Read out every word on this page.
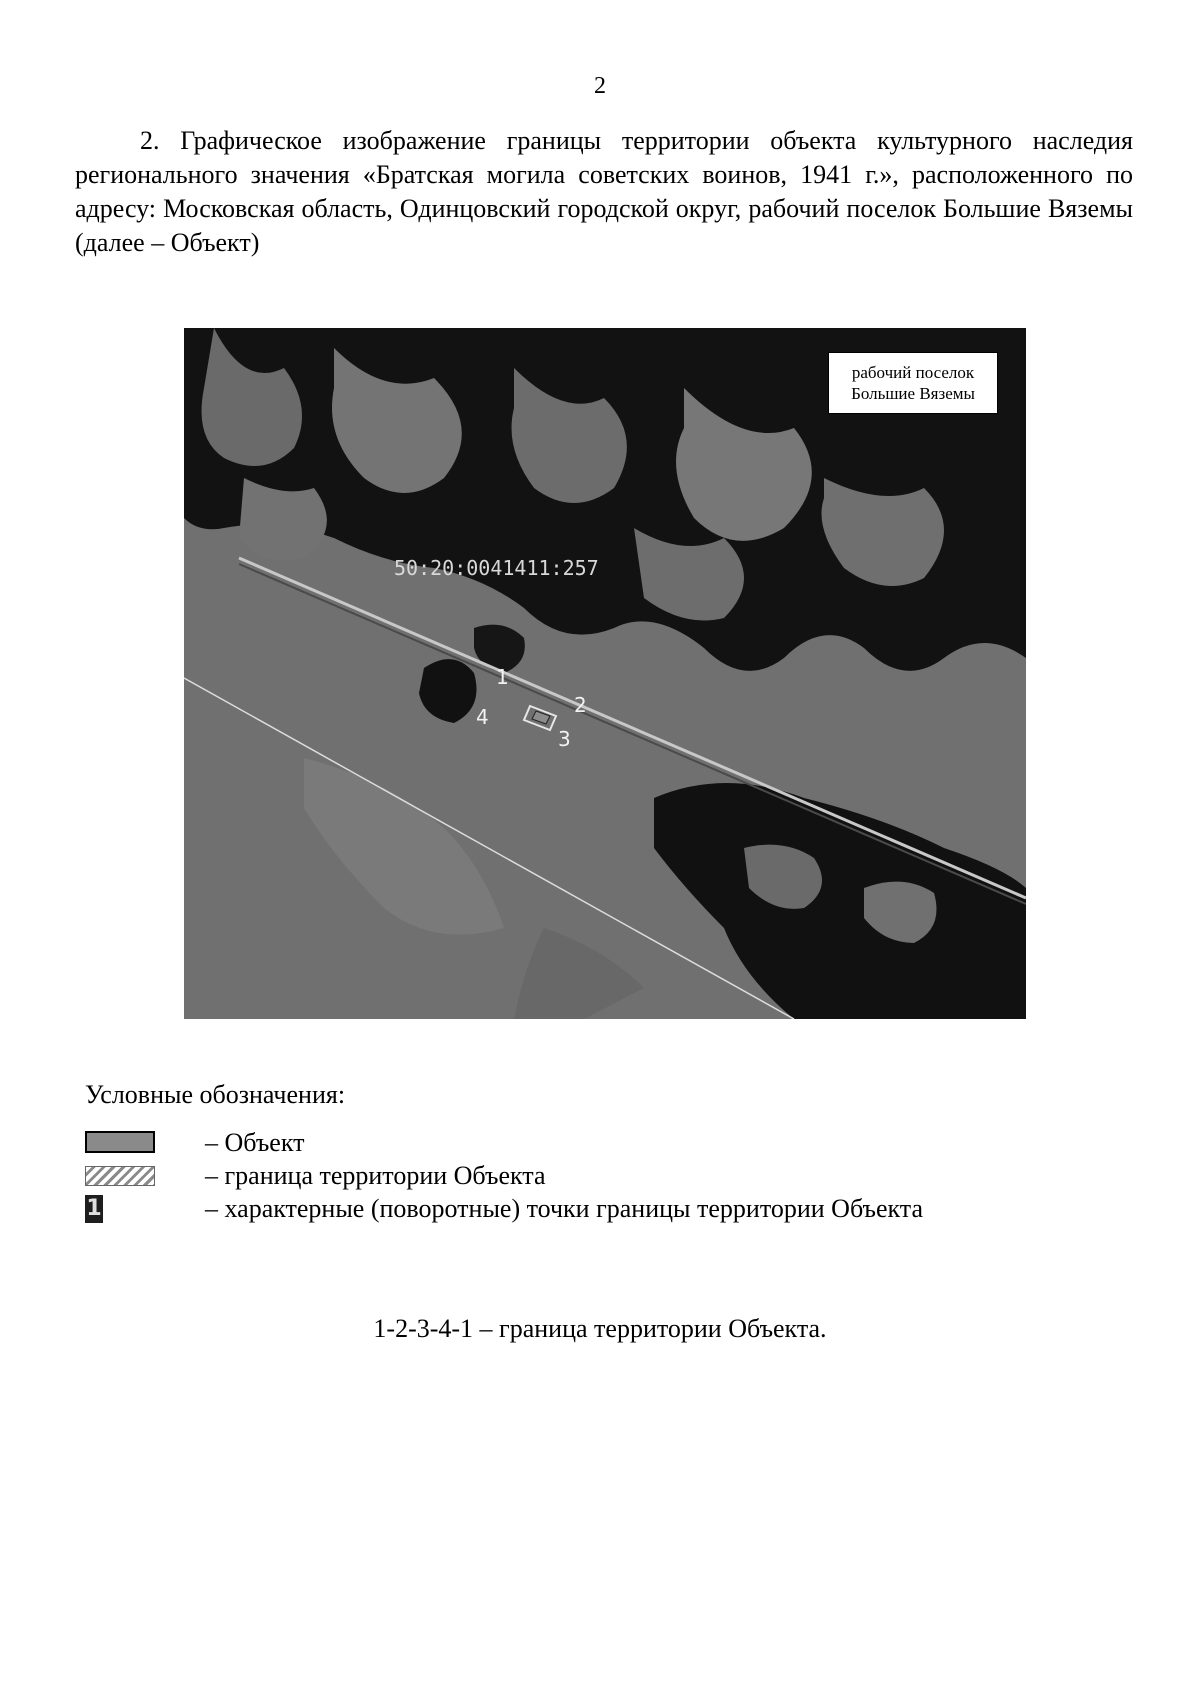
2

2. Графическое изображение границы территории объекта культурного наследия регионального значения «Братская могила советских воинов, 1941 г.», расположенного по адресу: Московская область, Одинцовский городской округ, рабочий поселок Большие Вяземы (далее – Объект)

рабочий поселок
Большие Вяземы
50:20:0041411:257
1
2
3
4
Условные обозначения:
– Объект
– граница территории Объекта
1	– характерные (поворотные) точки границы территории Объекта
1-2-3-4-1 – граница территории Объекта.
